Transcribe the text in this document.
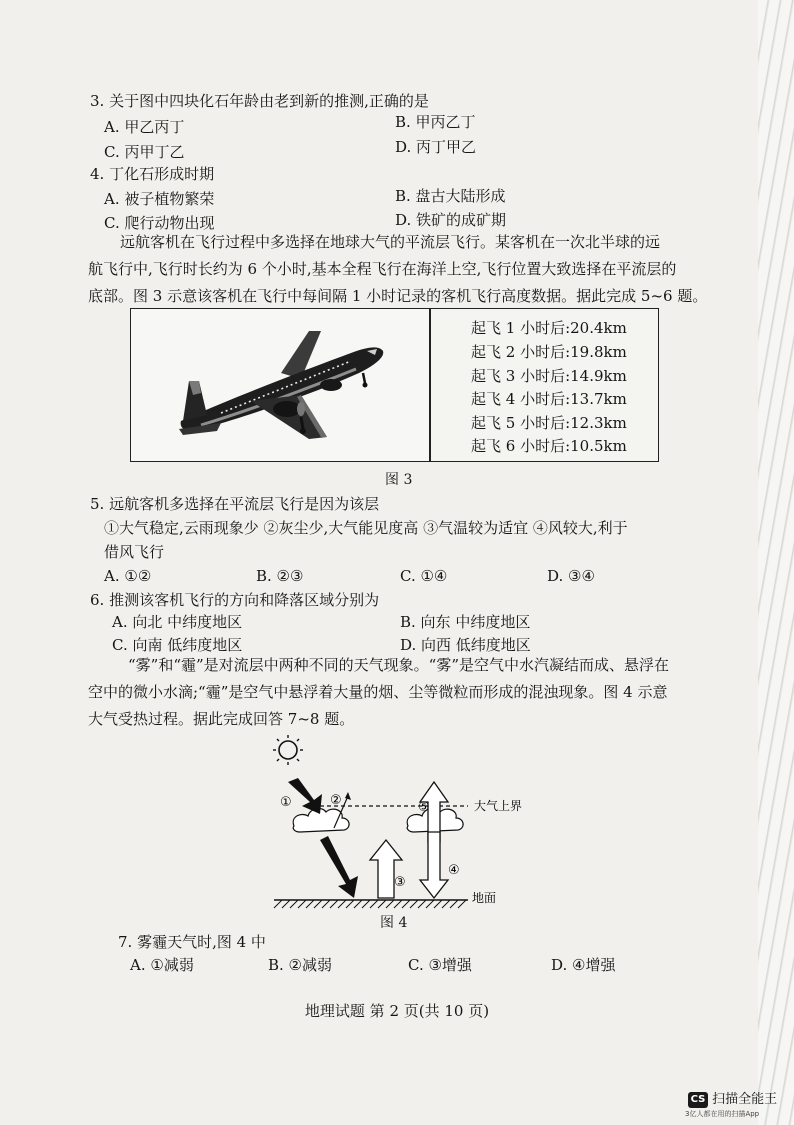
3. 关于图中四块化石年龄由老到新的推测,正确的是
A. 甲乙丙丁	B. 甲丙乙丁
C. 丙甲丁乙	D. 丙丁甲乙
4. 丁化石形成时期
A. 被子植物繁荣	B. 盘古大陆形成
C. 爬行动物出现	D. 铁矿的成矿期

远航客机在飞行过程中多选择在地球大气的平流层飞行。某客机在一次北半球的远

航飞行中,飞行时长约为 6 个小时,基本全程飞行在海洋上空,飞行位置大致选择在平流层的

底部。图 3 示意该客机在飞行中每间隔 1 小时记录的客机飞行高度数据。据此完成 5~6 题。

起飞 1 小时后:20.4km
起飞 2 小时后:19.8km
起飞 3 小时后:14.9km
起飞 4 小时后:13.7km
起飞 5 小时后:12.3km
起飞 6 小时后:10.5km
图 3
5. 远航客机多选择在平流层飞行是因为该层
①大气稳定,云雨现象少 ②灰尘少,大气能见度高 ③气温较为适宜 ④风较大,利于
借风飞行
A. ①②	B. ②③	C. ①④	D. ③④
6. 推测该客机飞行的方向和降落区域分别为
A. 向北 中纬度地区	B. 向东 中纬度地区
C. 向南 低纬度地区	D. 向西 低纬度地区

“雾”和“霾”是对流层中两种不同的天气现象。“雾”是空气中水汽凝结而成、悬浮在

空中的微小水滴;“霾”是空气中悬浮着大量的烟、尘等微粒而形成的混浊现象。图 4 示意

大气受热过程。据此完成回答 7~8 题。

①	②
③
④
⑤	大气上界
地面
图 4
7. 雾霾天气时,图 4 中
A. ①减弱	B. ②减弱	C. ③增强	D. ④增强
地理试题 第 2 页(共 10 页)
CS 扫描全能王
3亿人都在用的扫描App
